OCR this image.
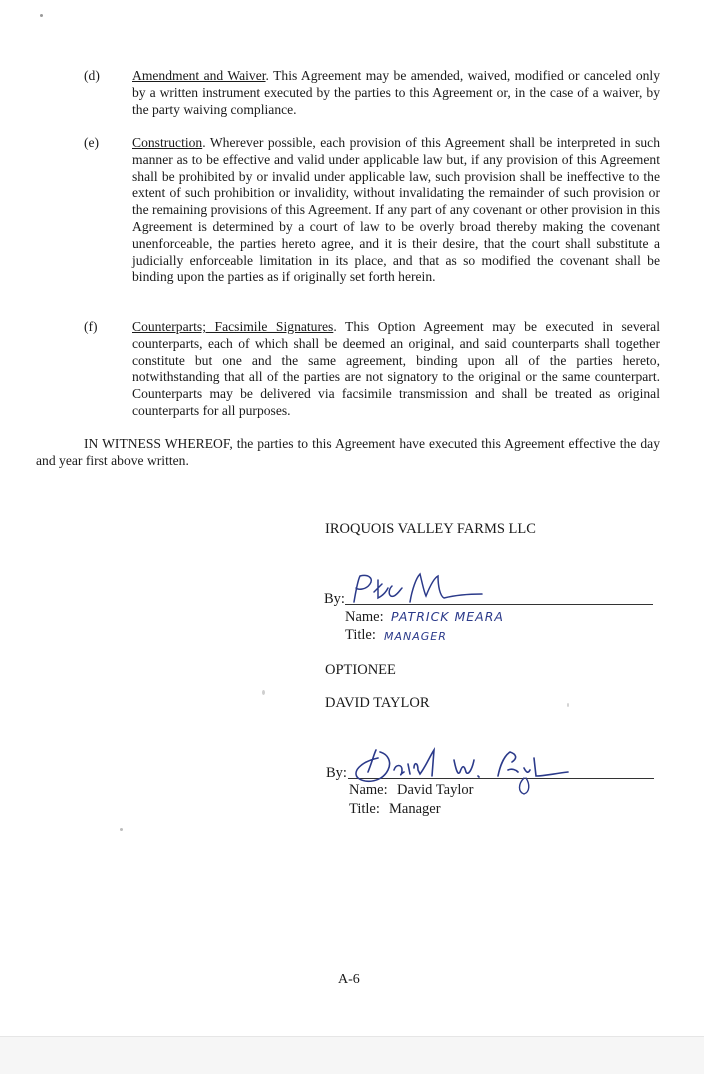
(d) Amendment and Waiver. This Agreement may be amended, waived, modified or canceled only by a written instrument executed by the parties to this Agreement or, in the case of a waiver, by the party waiving compliance.
(e) Construction. Wherever possible, each provision of this Agreement shall be interpreted in such manner as to be effective and valid under applicable law but, if any provision of this Agreement shall be prohibited by or invalid under applicable law, such provision shall be ineffective to the extent of such prohibition or invalidity, without invalidating the remainder of such provision or the remaining provisions of this Agreement. If any part of any covenant or other provision in this Agreement is determined by a court of law to be overly broad thereby making the covenant unenforceable, the parties hereto agree, and it is their desire, that the court shall substitute a judicially enforceable limitation in its place, and that as so modified the covenant shall be binding upon the parties as if originally set forth herein.
(f)	Counterparts; Facsimile Signatures. This Option Agreement may be executed in several counterparts, each of which shall be deemed an original, and said counterparts shall together constitute but one and the same agreement, binding upon all of the parties hereto, notwithstanding that all of the parties are not signatory to the original or the same counterpart. Counterparts may be delivered via facsimile transmission and shall be treated as original counterparts for all purposes.
IN WITNESS WHEREOF, the parties to this Agreement have executed this Agreement effective the day and year first above written.
IROQUOIS VALLEY FARMS LLC
By:
Name: PATRICK MEARA
Title: MANAGER
OPTIONEE
DAVID TAYLOR
By:
Name: David Taylor
Title: Manager
A-6
